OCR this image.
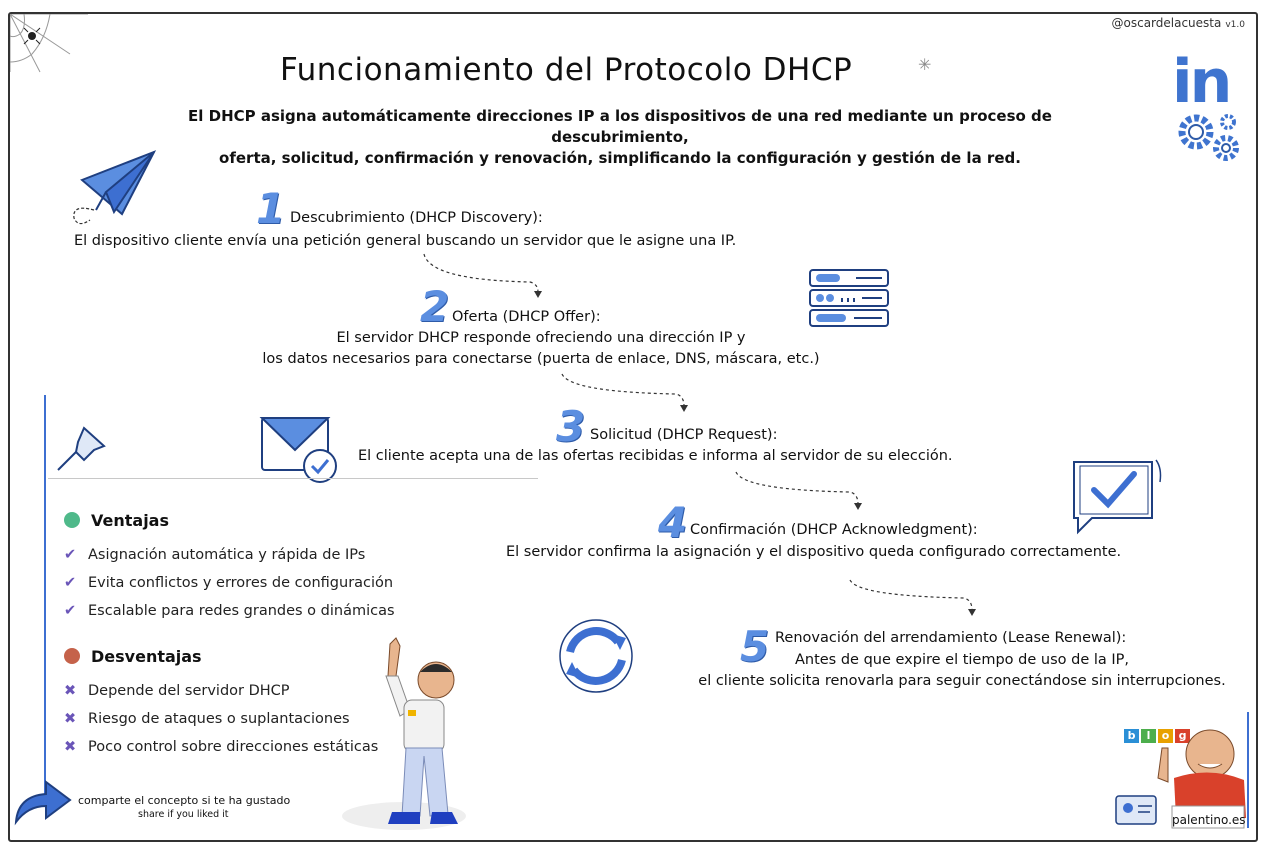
@oscardelacuesta v1.0
Funcionamiento del Protocolo DHCP	✳
El DHCP asigna automáticamente direcciones IP a los dispositivos de una red mediante un proceso de descubrimiento,
oferta, solicitud, confirmación y renovación, simplificando la configuración y gestión de la red.
in
1
2
3
4
5
Descubrimiento (DHCP Discovery):
El dispositivo cliente envía una petición general buscando un servidor que le asigne una IP.
Oferta (DHCP Offer):
El servidor DHCP responde ofreciendo una dirección IP y
los datos necesarios para conectarse (puerta de enlace, DNS, máscara, etc.)
Solicitud (DHCP Request):
El cliente acepta una de las ofertas recibidas e informa al servidor de su elección.
Confirmación (DHCP Acknowledgment):
El servidor confirma la asignación y el dispositivo queda configurado correctamente.
Renovación del arrendamiento (Lease Renewal):
Antes de que expire el tiempo de uso de la IP,
el cliente solicita renovarla para seguir conectándose sin interrupciones.
Ventajas
✔ Asignación automática y rápida de IPs
✔ Evita conflictos y errores de configuración
✔ Escalable para redes grandes o dinámicas
Desventajas
✖ Depende del servidor DHCP
✖ Riesgo de ataques o suplantaciones
✖ Poco control sobre direcciones estáticas
comparte el concepto si te ha gustado
share if you liked it
b l o g
palentino.es
